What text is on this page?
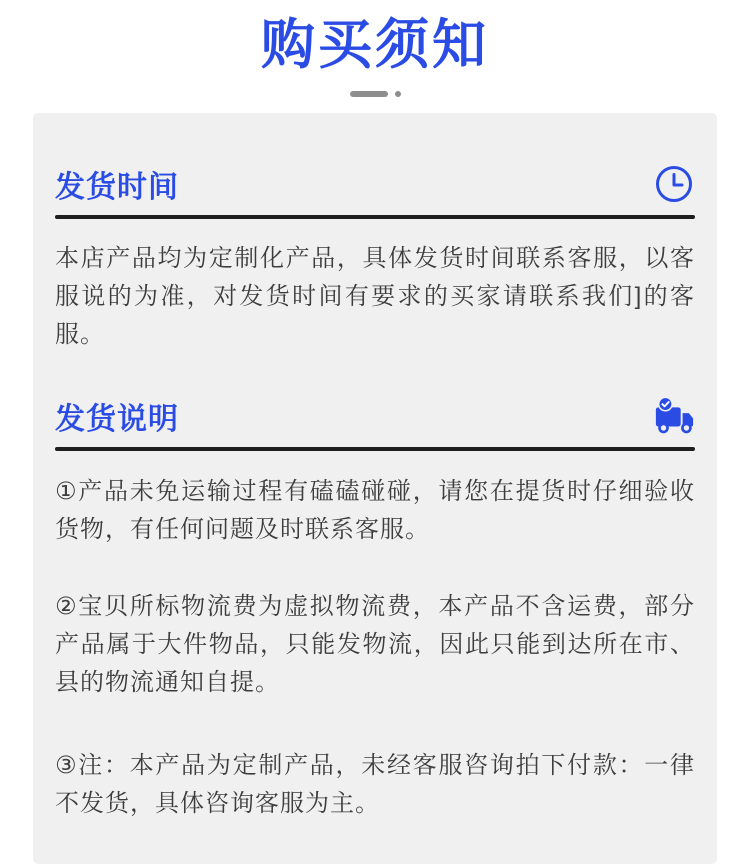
购买须知
发货时间

本店产品均为定制化产品，具体发货时间联系客服，以客服说的为准，对发货时间有要求的买家请联系我们]的客服。

发货说明

①产品未免运输过程有磕磕碰碰，请您在提货时仔细验收货物，有任何问题及时联系客服。

②宝贝所标物流费为虚拟物流费，本产品不含运费，部分产品属于大件物品，只能发物流，因此只能到达所在市、县的物流通知自提。

③注：本产品为定制产品，未经客服咨询拍下付款：一律不发货，具体咨询客服为主。
